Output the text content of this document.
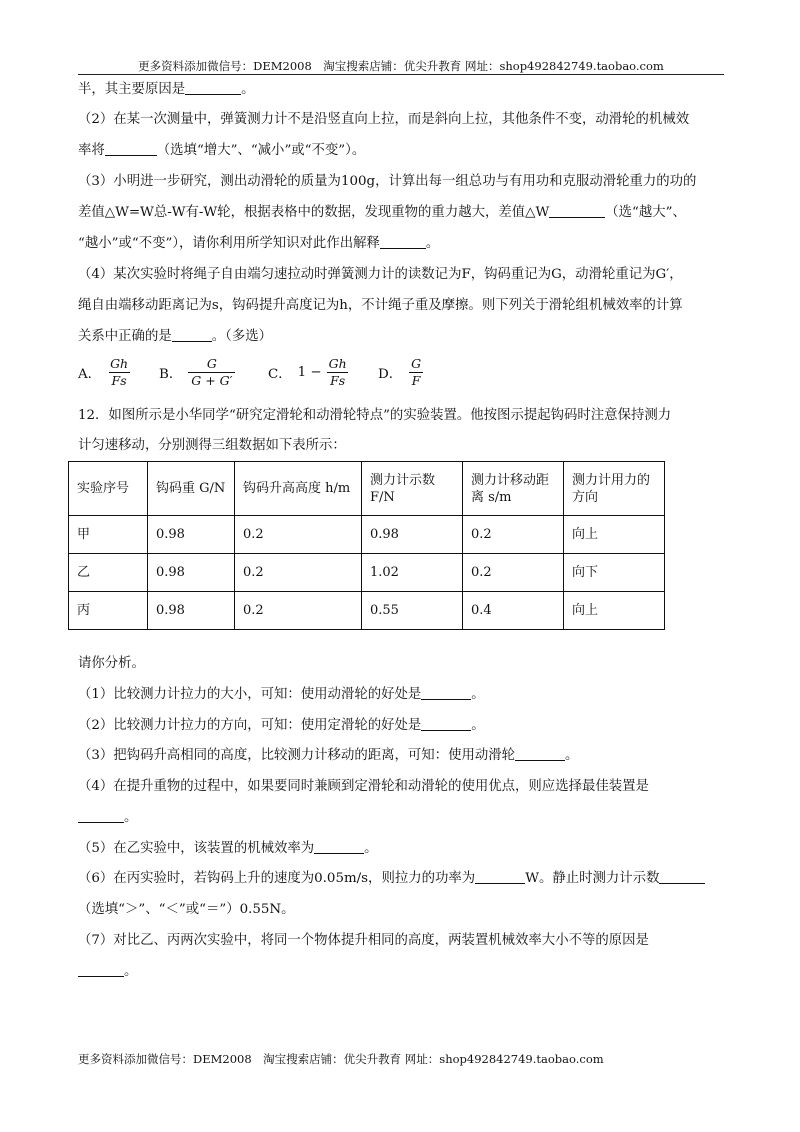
更多资料添加微信号：DEM2008　淘宝搜索店铺：优尖升教育 网址：shop492842749.taobao.com
半，其主要原因是	。
（2）在某一次测量中，弹簧测力计不是沿竖直向上拉，而是斜向上拉，其他条件不变，动滑轮的机械效
率将	（选填“增大”、“减小”或“不变”）。
（3）小明进一步研究，测出动滑轮的质量为100g，计算出每一组总功与有用功和克服动滑轮重力的功的
差值△W=W总-W有-W轮，根据表格中的数据，发现重物的重力越大，差值△W	（选“越大”、
“越小”或“不变”），请你利用所学知识对此作出解释	。
（4）某次实验时将绳子自由端匀速拉动时弹簧测力计的读数记为F，钩码重记为G，动滑轮重记为G′，
绳自由端移动距离记为s，钩码提升高度记为h，不计绳子重及摩擦。则下列关于滑轮组机械效率的计算
关系中正确的是	。（多选）
A． $\frac{Gh}{Fs}$ B． $\frac{G}{G + G'}$ C． $1 - \frac{Gh}{Fs}$ D． $\frac{G}{F}$
12．如图所示是小华同学“研究定滑轮和动滑轮特点”的实验装置。他按图示提起钩码时注意保持测力
计匀速移动，分别测得三组数据如下表所示：
实验序号	钩码重 G/N	钩码升高高度 h/m	测力计示数 F/N	测力计移动距离 s/m	测力计用力的方向
甲	0.98	0.2	0.98	0.2	向上
乙	0.98	0.2	1.02	0.2	向下
丙	0.98	0.2	0.55	0.4	向上
请你分析。
（1）比较测力计拉力的大小，可知：使用动滑轮的好处是	。
（2）比较测力计拉力的方向，可知：使用定滑轮的好处是	。
（3）把钩码升高相同的高度，比较测力计移动的距离，可知：使用动滑轮	。
（4）在提升重物的过程中，如果要同时兼顾到定滑轮和动滑轮的使用优点，则应选择最佳装置是
。
（5）在乙实验中，该装置的机械效率为	。
（6）在丙实验时，若钩码上升的速度为0.05m/s，则拉力的功率为	W。静止时测力计示数
（选填“＞”、“＜”或“＝”）0.55N。
（7）对比乙、丙两次实验中，将同一个物体提升相同的高度，两装置机械效率大小不等的原因是
。
更多资料添加微信号：DEM2008　淘宝搜索店铺：优尖升教育 网址：shop492842749.taobao.com
